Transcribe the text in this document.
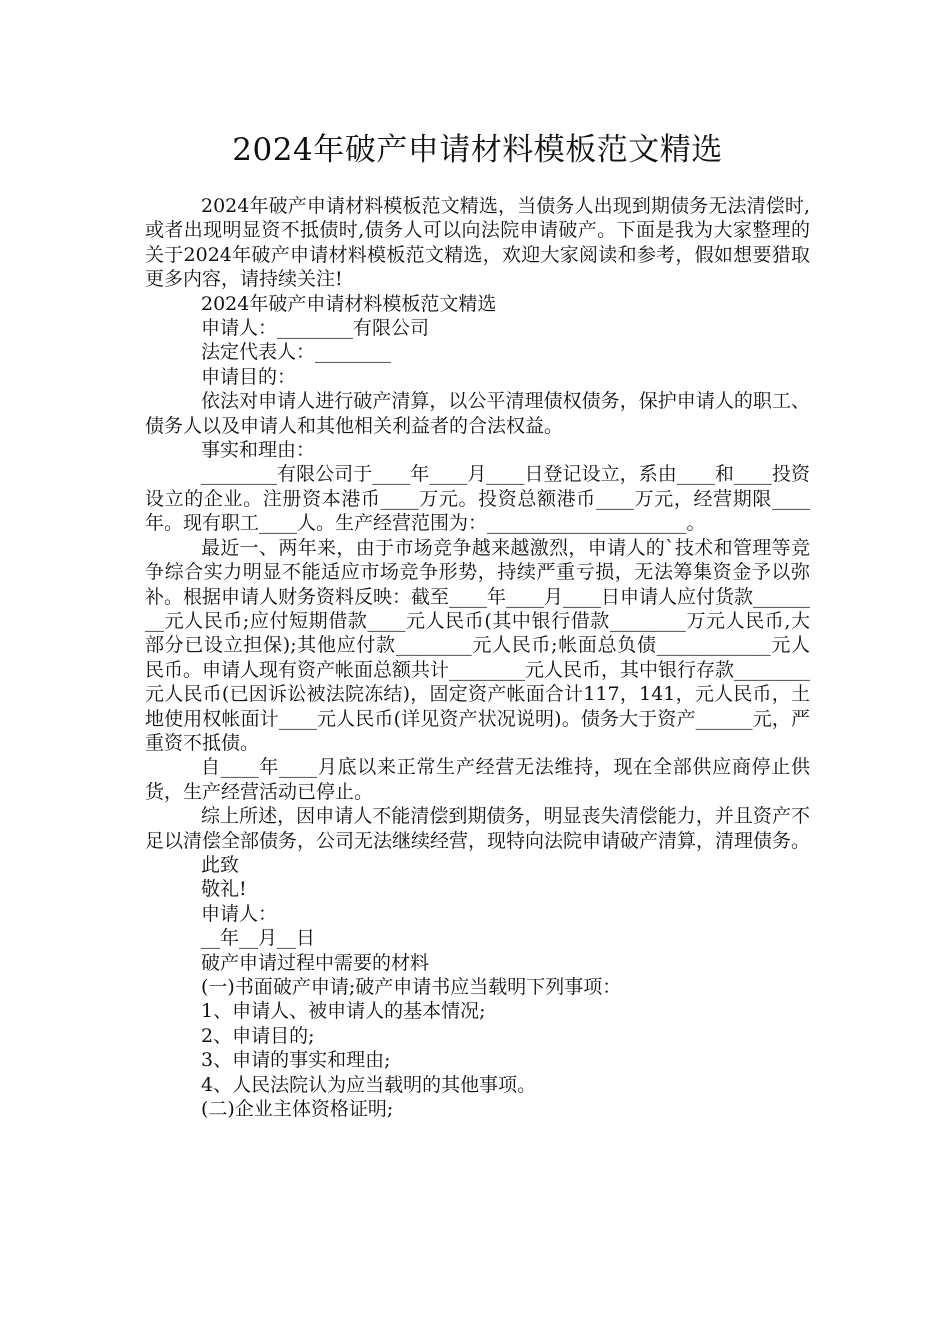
2024年破产申请材料模板范文精选

2024年破产申请材料模板范文精选，当债务人出现到期债务无法清偿时,或者出现明显资不抵债时,债务人可以向法院申请破产。下面是我为大家整理的关于2024年破产申请材料模板范文精选，欢迎大家阅读和参考，假如想要猎取更多内容，请持续关注!

2024年破产申请材料模板范文精选

申请人：________有限公司

法定代表人：________

申请目的：

依法对申请人进行破产清算，以公平清理债权债务，保护申请人的职工、债务人以及申请人和其他相关利益者的合法权益。

事实和理由：

________有限公司于____年____月____日登记设立，系由____和____投资设立的企业。注册资本港币____万元。投资总额港币____万元，经营期限____年。现有职工____人。生产经营范围为：_____________________。

最近一、两年来，由于市场竞争越来越激烈，申请人的`技术和管理等竞争综合实力明显不能适应市场竞争形势，持续严重亏损，无法筹集资金予以弥补。根据申请人财务资料反映：截至____年____月____日申请人应付货款________元人民币;应付短期借款____元人民币(其中银行借款________万元人民币,大部分已设立担保);其他应付款________元人民币;帐面总负债____________元人民币。申请人现有资产帐面总额共计________元人民币，其中银行存款________元人民币(已因诉讼被法院冻结)，固定资产帐面合计117，141，元人民币，土地使用权帐面计____元人民币(详见资产状况说明)。债务大于资产______元，严重资不抵债。

自____年____月底以来正常生产经营无法维持，现在全部供应商停止供货，生产经营活动已停止。

综上所述，因申请人不能清偿到期债务，明显丧失清偿能力，并且资产不足以清偿全部债务，公司无法继续经营，现特向法院申请破产清算，清理债务。

此致

敬礼!

申请人：

__年__月__日

破产申请过程中需要的材料

(一)书面破产申请;破产申请书应当载明下列事项：

1、申请人、被申请人的基本情况;

2、申请目的;

3、申请的事实和理由;

4、人民法院认为应当载明的其他事项。

(二)企业主体资格证明;
